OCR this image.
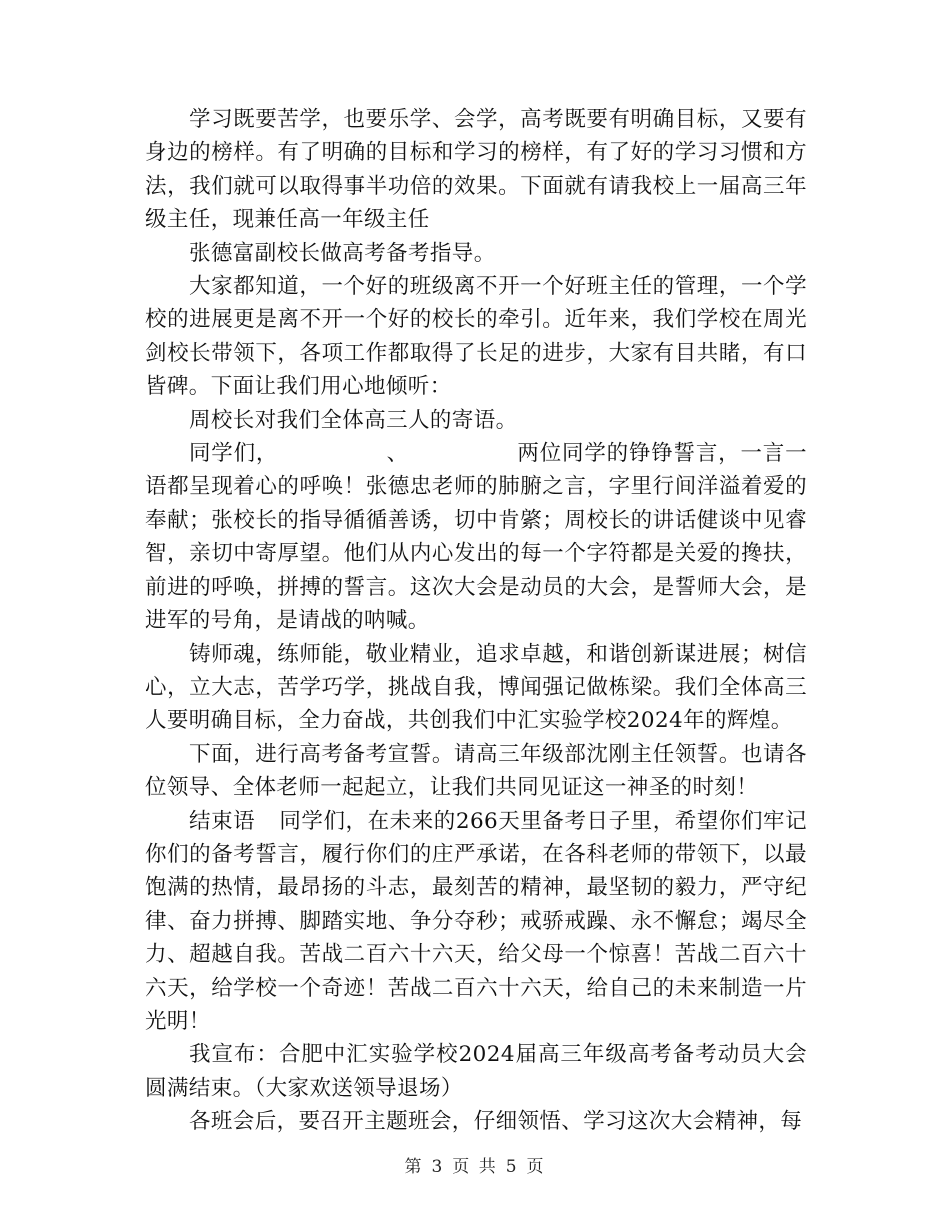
学习既要苦学，也要乐学、会学，高考既要有明确目标，又要有身边的榜样。有了明确的目标和学习的榜样，有了好的学习习惯和方法，我们就可以取得事半功倍的效果。下面就有请我校上一届高三年级主任，现兼任高一年级主任

张德富副校长做高考备考指导。

大家都知道，一个好的班级离不开一个好班主任的管理，一个学校的进展更是离不开一个好的校长的牵引。近年来，我们学校在周光剑校长带领下，各项工作都取得了长足的进步，大家有目共睹，有口皆碑。下面让我们用心地倾听：

周校长对我们全体高三人的寄语。

同学们，	、	两位同学的铮铮誓言，一言一语都呈现着心的呼唤！张德忠老师的肺腑之言，字里行间洋溢着爱的奉献；张校长的指导循循善诱，切中肯綮；周校长的讲话健谈中见睿智，亲切中寄厚望。他们从内心发出的每一个字符都是关爱的搀扶，前进的呼唤，拼搏的誓言。这次大会是动员的大会，是誓师大会，是进军的号角，是请战的呐喊。

铸师魂，练师能，敬业精业，追求卓越，和谐创新谋进展；树信心，立大志，苦学巧学，挑战自我，博闻强记做栋梁。我们全体高三人要明确目标，全力奋战，共创我们中汇实验学校2024年的辉煌。

下面，进行高考备考宣誓。请高三年级部沈刚主任领誓。也请各位领导、全体老师一起起立，让我们共同见证这一神圣的时刻！

结束语 同学们，在未来的266天里备考日子里，希望你们牢记你们的备考誓言，履行你们的庄严承诺，在各科老师的带领下，以最饱满的热情，最昂扬的斗志，最刻苦的精神，最坚韧的毅力，严守纪律、奋力拼搏、脚踏实地、争分夺秒；戒骄戒躁、永不懈怠；竭尽全力、超越自我。苦战二百六十六天，给父母一个惊喜！苦战二百六十六天，给学校一个奇迹！苦战二百六十六天，给自己的未来制造一片光明！

我宣布：合肥中汇实验学校2024届高三年级高考备考动员大会圆满结束。（大家欢送领导退场）

各班会后，要召开主题班会，仔细领悟、学习这次大会精神，每

第 3 页 共 5 页
